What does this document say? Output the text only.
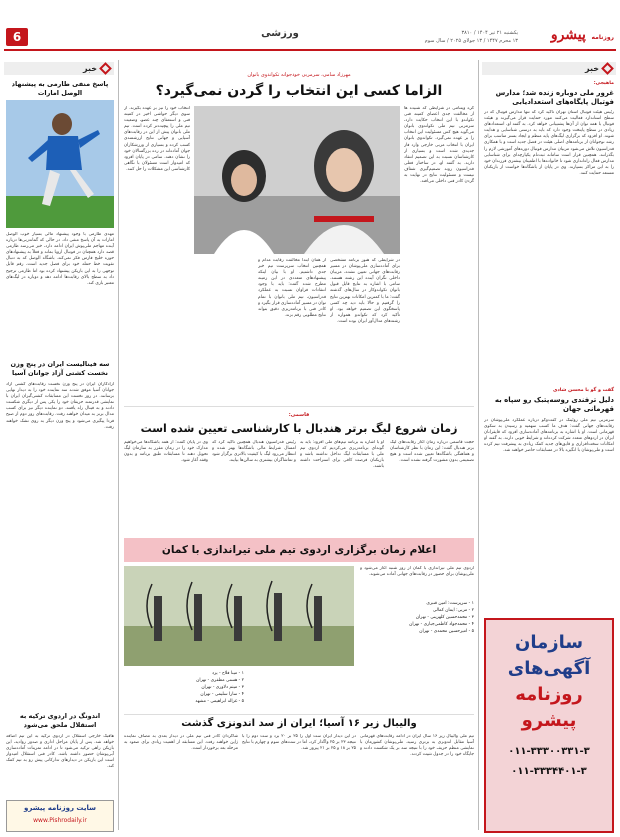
6	ورزشی	یکشنبه ۲۱ تیر ۱۴۰۴ / ۳۸۱۰
۱۳ محرم ۱۴۴۷ / ۱۳ جولای ۲۰۲۵ / سال سوم	روزنامه پیشرو
خبر
ماهیجی:
غرور ملی دوباره زنده شد؛ مدارس فوتبال پایگاه‌های استعدادیابی
رئیس هیئت فوتبال استان تهران تأکید کرد که تنها مدارس فوتبال که در سطح استاندارد فعالیت می‌کنند مورد حمایت قرار می‌گیرند و هیئت فوتبال با همه توان از آن‌ها پشتیبانی خواهد کرد. به گفته او، استعدادهای زیادی در سطح پایتخت وجود دارد که باید به درستی شناسایی و هدایت شوند. او افزود که برگزاری لیگ‌های پایه منظم و ایجاد بستر مناسب برای رشد نوجوانان از برنامه‌های اصلی هیئت در فصل جدید است و با همکاری فدراسیون تلاش می‌شود مربیان مدارس فوتبال دوره‌های آموزشی لازم را بگذرانند. همچنین قرار است سامانه ثبت‌نام یکپارچه‌ای برای شناسایی مدارس فعال راه‌اندازی شود تا خانواده‌ها با اطمینان بیشتری فرزندان خود را به این مراکز بسپارند. وی در پایان از باشگاه‌ها خواست از بازیکنان مستعد حمایت کنند.
گفت و گو با محسن شادی
دلیل ترفندی روسه‌پتبک رو سپاه به قهرمانی جهان
سرمربی تیم ملی روئینگ در گفت‌وگو درباره عملکرد ملی‌پوشان در رقابت‌های جهانی گفت: هدف ما کسب سهمیه و رسیدن به سکوی قهرمانی است. او با اشاره به برنامه‌های آماده‌سازی افزود که قایقرانان ایران در اردوهای متعدد شرکت کرده‌اند و شرایط خوبی دارند. به گفته او امکانات سخت‌افزاری و قایق‌های جدید کمک زیادی به پیشرفت تیم کرده است و ملی‌پوشان با انگیزه بالا در مسابقات حاضر خواهند شد.
سازمان
آگهی‌های
روزنامه
پیشرو
۰۱۱-۳۳۳۰۰۳۳۱-۳
۰۱۱-۳۳۳۴۴۰۱-۳
مهرزاد سامی، سرمربی خودجوانه تکواندوی بانوان
الزاما کسی این انتخاب را گردن نمی‌گیرد؟
کره ویتنامی در شرایطی که شنیده ها از مخالفت جدی اعضای کمیته فنی تکواندو با این انتخاب حکایت دارد، سرمربی تیم ملی تکواندوی بانوان می‌گوید هیچ کس مسئولیت این انتخاب را بر عهده نمی‌گیرد. تکواندوی بانوان ایران با انتخاب مربی خارجی وارد فاز جدیدی شده است و بسیاری از کارشناسان نسبت به این تصمیم انتقاد دارند. به گفته او، در ساختار فعلی فدراسیون روند تصمیم‌گیری شفاف نیست و مسئولیت نتایج در نهایت به گردن کادر فنی داخلی می‌افتد.
در شرایطی که هنوز برنامه مشخصی برای آماده‌سازی ملی‌پوشان در مسیر رقابت‌های جهانی تعیین نشده، مربیان داخلی نگران آینده این رشته هستند. سامی با اشاره به نتایج قابل قبول بانوان تکواندوکار در سال‌های گذشته گفت: ما با کمترین امکانات بهترین نتایج را گرفتیم و حالا باید دید چه کسی پاسخگوی این تصمیم خواهد بود. او تأکید کرد که تکواندو همواره از رشته‌های مدال‌آور ایران بوده است.
از همان ابتدا مخالفت رقابت مدام و همچنین انتخاب سرپرست تیم خبر جدی داشتیم. او با بیان اینکه پیشنهادهای متعددی در این زمینه مطرح شده گفت: باید با وجود انتقادات فراوان نسبت به عملکرد فدراسیون، تیم ملی بانوان با تمام توان در مسیر آماده‌سازی قرار بگیرد و کادر فنی با برنامه‌ریزی دقیق بتواند نتایج مطلوبی رقم بزند.
انتخاب خود را نیز بر عهده بگیرند. از سوی دیگر حواشی اخیر در کمیته فنی و استعفای چند عضو، وضعیت تیم ملی را پیچیده‌تر کرده است. تیم ملی بانوان پیش از این در رقابت‌های آسیایی و جهانی نتایج ارزشمندی کسب کرده و بسیاری از ورزشکاران جوان آماده‌اند در رده بزرگسالان خود را نشان دهند. سامی در پایان افزود که امیدوار است مسئولان با نگاهی کارشناسی این مشکلات را حل کنند.
قاسمی:
زمان شروع لیگ برتر هندبال با کارشناسی تعیین شده است
حجت قاسمی درباره زمان آغاز رقابت‌های لیگ برتر هندبال گفت: این زمان با نظر کارشناسان و هماهنگی باشگاه‌ها تعیین شده است و هیچ تصمیمی بدون مشورت گرفته نشده است.
او با اشاره به برنامه تیم‌های ملی افزود: باید به گونه‌ای برنامه‌ریزی می‌کردیم که اردوی تیم ملی با مسابقات لیگ تداخل نداشته باشد و بازیکنان فرصت کافی برای استراحت داشته باشند.
رئیس فدراسیون هندبال همچنین تأکید کرد که امسال شرایط مالی باشگاه‌ها بهتر شده و انتظار می‌رود لیگ با کیفیت بالاتری برگزار شود و تماشاگران بیشتری به سالن‌ها بیایند.
وی در پایان گفت: از همه باشگاه‌ها می‌خواهیم مدارک خود را در زمان مقرر به سازمان لیگ تحویل دهند تا مسابقات طبق برنامه و بدون وقفه آغاز شود.
اعلام زمان برگزاری اردوی تیم ملی تیراندازی با کمان
اردوی تیم ملی تیراندازی با کمان از روز شنبه آغاز می‌شود و ملی‌پوشان برای حضور در رقابت‌های جهانی آماده می‌شوند.
۱ - سرپرست: امین قنبری
۲ - مربی: ایمان کمالی
۳ - محمدحسین کلهرینی - تهران
۴ - محمدجواد کاظمی‌جباری - تهران
۵ - امیرحسین محمدی - تهران
۱ - مینا فلاح - یزد
۲ - هستی مظفری - تهران
۳ - میثم دلاوری - تهران
۴ - سارا سلیمی - تهران
۵ - غزاله ابراهیمی - مشهد
والیبال زیر ۱۶ آسیا؛ ایران از سد اندونزی گذشت
تیم ملی والیبال زیر ۱۶ سال ایران در ادامه رقابت‌های قهرمانی آسیا مقابل اندونزی به برتری رسید. ملی‌پوشان کشورمان با نمایشی منظم حریف خود را با نتیجه سه بر یک شکست دادند و جایگاه خود را در جدول تثبیت کردند.
در این دیدار ایران ست اول را ۲۵ بر ۲۰ برد و ست دوم را با نتیجه ۲۳ بر ۲۵ واگذار کرد، اما در ست‌های سوم و چهارم با نتایج ۲۵ بر ۱۸ و ۲۵ بر ۲۱ پیروز شد.
شاگردان کادر فنی تیم ملی در دیدار بعدی به مصاف نماینده ژاپن خواهند رفت. این مسابقه از اهمیت زیادی برای صعود به مرحله بعد برخوردار است.
خبر
پاسخ منفی طارمی به پیشنهاد الوصل امارات
مهدی طارمی با وجود پیشنهاد مالی بسیار خوب الوصل امارات به آن پاسخ منفی داد. در حالی که گمانه‌زنی‌ها درباره آینده مهاجم ملی‌پوش ایران ادامه دارد، خبر می‌رسد طارمی قصد دارد همچنان در فوتبال اروپا بماند و فعلاً به پیشنهادهای حوزه خلیج فارس فکر نمی‌کند. باشگاه الوصل که به دنبال تقویت خط حمله خود برای فصل جدید است، رقم قابل توجهی را به این بازیکن پیشنهاد کرده بود اما طارمی ترجیح داد به سطح بالای رقابت‌ها ادامه دهد و دوباره در لیگ‌های معتبر بازی کند.
سه فینالیست ایران در پنج وزن نخست کشتی آزاد جوانان آسیا
آزادکاران ایران در پنج وزن نخست رقابت‌های کشتی آزاد جوانان آسیا موفق شدند سه نماینده خود را به دیدار نهایی برسانند. در روز نخست این مسابقات کشتی‌گیران ایران با نمایشی قدرتمند حریفان خود را یکی پس از دیگری شکست دادند و به فینال راه یافتند. دو نماینده دیگر نیز برای کسب مدال برنز به میدان خواهند رفت. رقابت‌های روز دوم از صبح فردا پیگیری می‌شود و پنج وزن دیگر به روی تشک خواهند رفت.
اندونگ در اردوی ترکیه به استقلال ملحق می‌شود
هافبک خارجی استقلال در اردوی ترکیه به این تیم اضافه خواهد شد. پس از پایان مراحل اداری و صدور روادید، این بازیکن راهی ترکیه می‌شود تا در ادامه تمرینات آماده‌سازی آبی‌پوشان حضور داشته باشد. کادر فنی استقلال امیدوار است این بازیکن در دیدارهای تدارکاتی پیش رو به تیم کمک کند.
سایت روزنامه پیشرو
www.Pishrodaily.ir
